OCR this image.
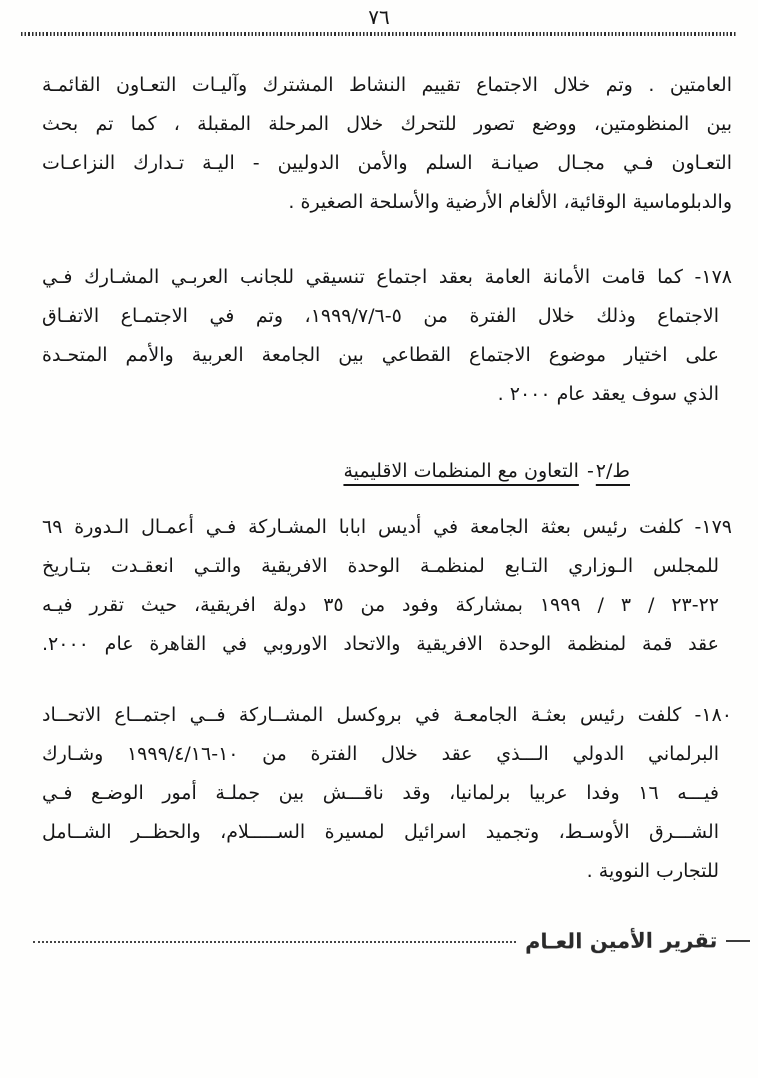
٧٦
العامتين . وتم خلال الاجتماع تقييم النشاط المشترك وآليـات التعـاون القائمـة
بين المنظومتين، ووضع تصور للتحرك خلال المرحلة المقبلة ، كما تم بحث
التعـاون فـي مجـال صيانـة السلم والأمن الدوليين - اليـة تـدارك النزاعـات
والدبلوماسية الوقائية، الألغام الأرضية والأسلحة الصغيرة .
١٧٨- كما قامت الأمانة العامة بعقد اجتماع تنسيقي للجانب العربـي المشـارك فـي
الاجتماع وذلك خلال الفترة من ٥-١٩٩٩/٧/٦، وتم في الاجتمـاع الاتفـاق
على اختيار موضوع الاجتماع القطاعي بين الجامعة العربية والأمم المتحـدة
الذي سوف يعقد عام ٢٠٠٠ .
ط/٢- التعاون مع المنظمات الاقليمية
١٧٩- كلفت رئيس بعثة الجامعة في أديس ابابا المشـاركة فـي أعمـال الـدورة ٦٩
للمجلس الـوزاري التـابع لمنظمـة الوحدة الافريقية والتـي انعقـدت بتـاريخ
٢٢-٢٣ / ٣ / ١٩٩٩ بمشاركة وفود من ٣٥ دولة افريقية، حيث تقرر فيـه
عقد قمة لمنظمة الوحدة الافريقية والاتحاد الاوروبي في القاهرة عام ٢٠٠٠.
١٨٠- كلفت رئيس بعثـة الجامعـة في بروكسل المشــاركة فــي اجتمــاع الاتحــاد
البرلماني الدولي الـــذي عقد خلال الفترة من ١٠-١٩٩٩/٤/١٦ وشـارك
فيـــه ١٦ وفدا عربيا برلمانيا، وقد ناقـــش بين جملـة أمور الوضـع فـي
الشـــرق الأوسـط، وتجميد اسرائيل لمسيرة الســـــلام، والحظــر الشــامل
للتجارب النووية .
تقرير الأمين العـام
